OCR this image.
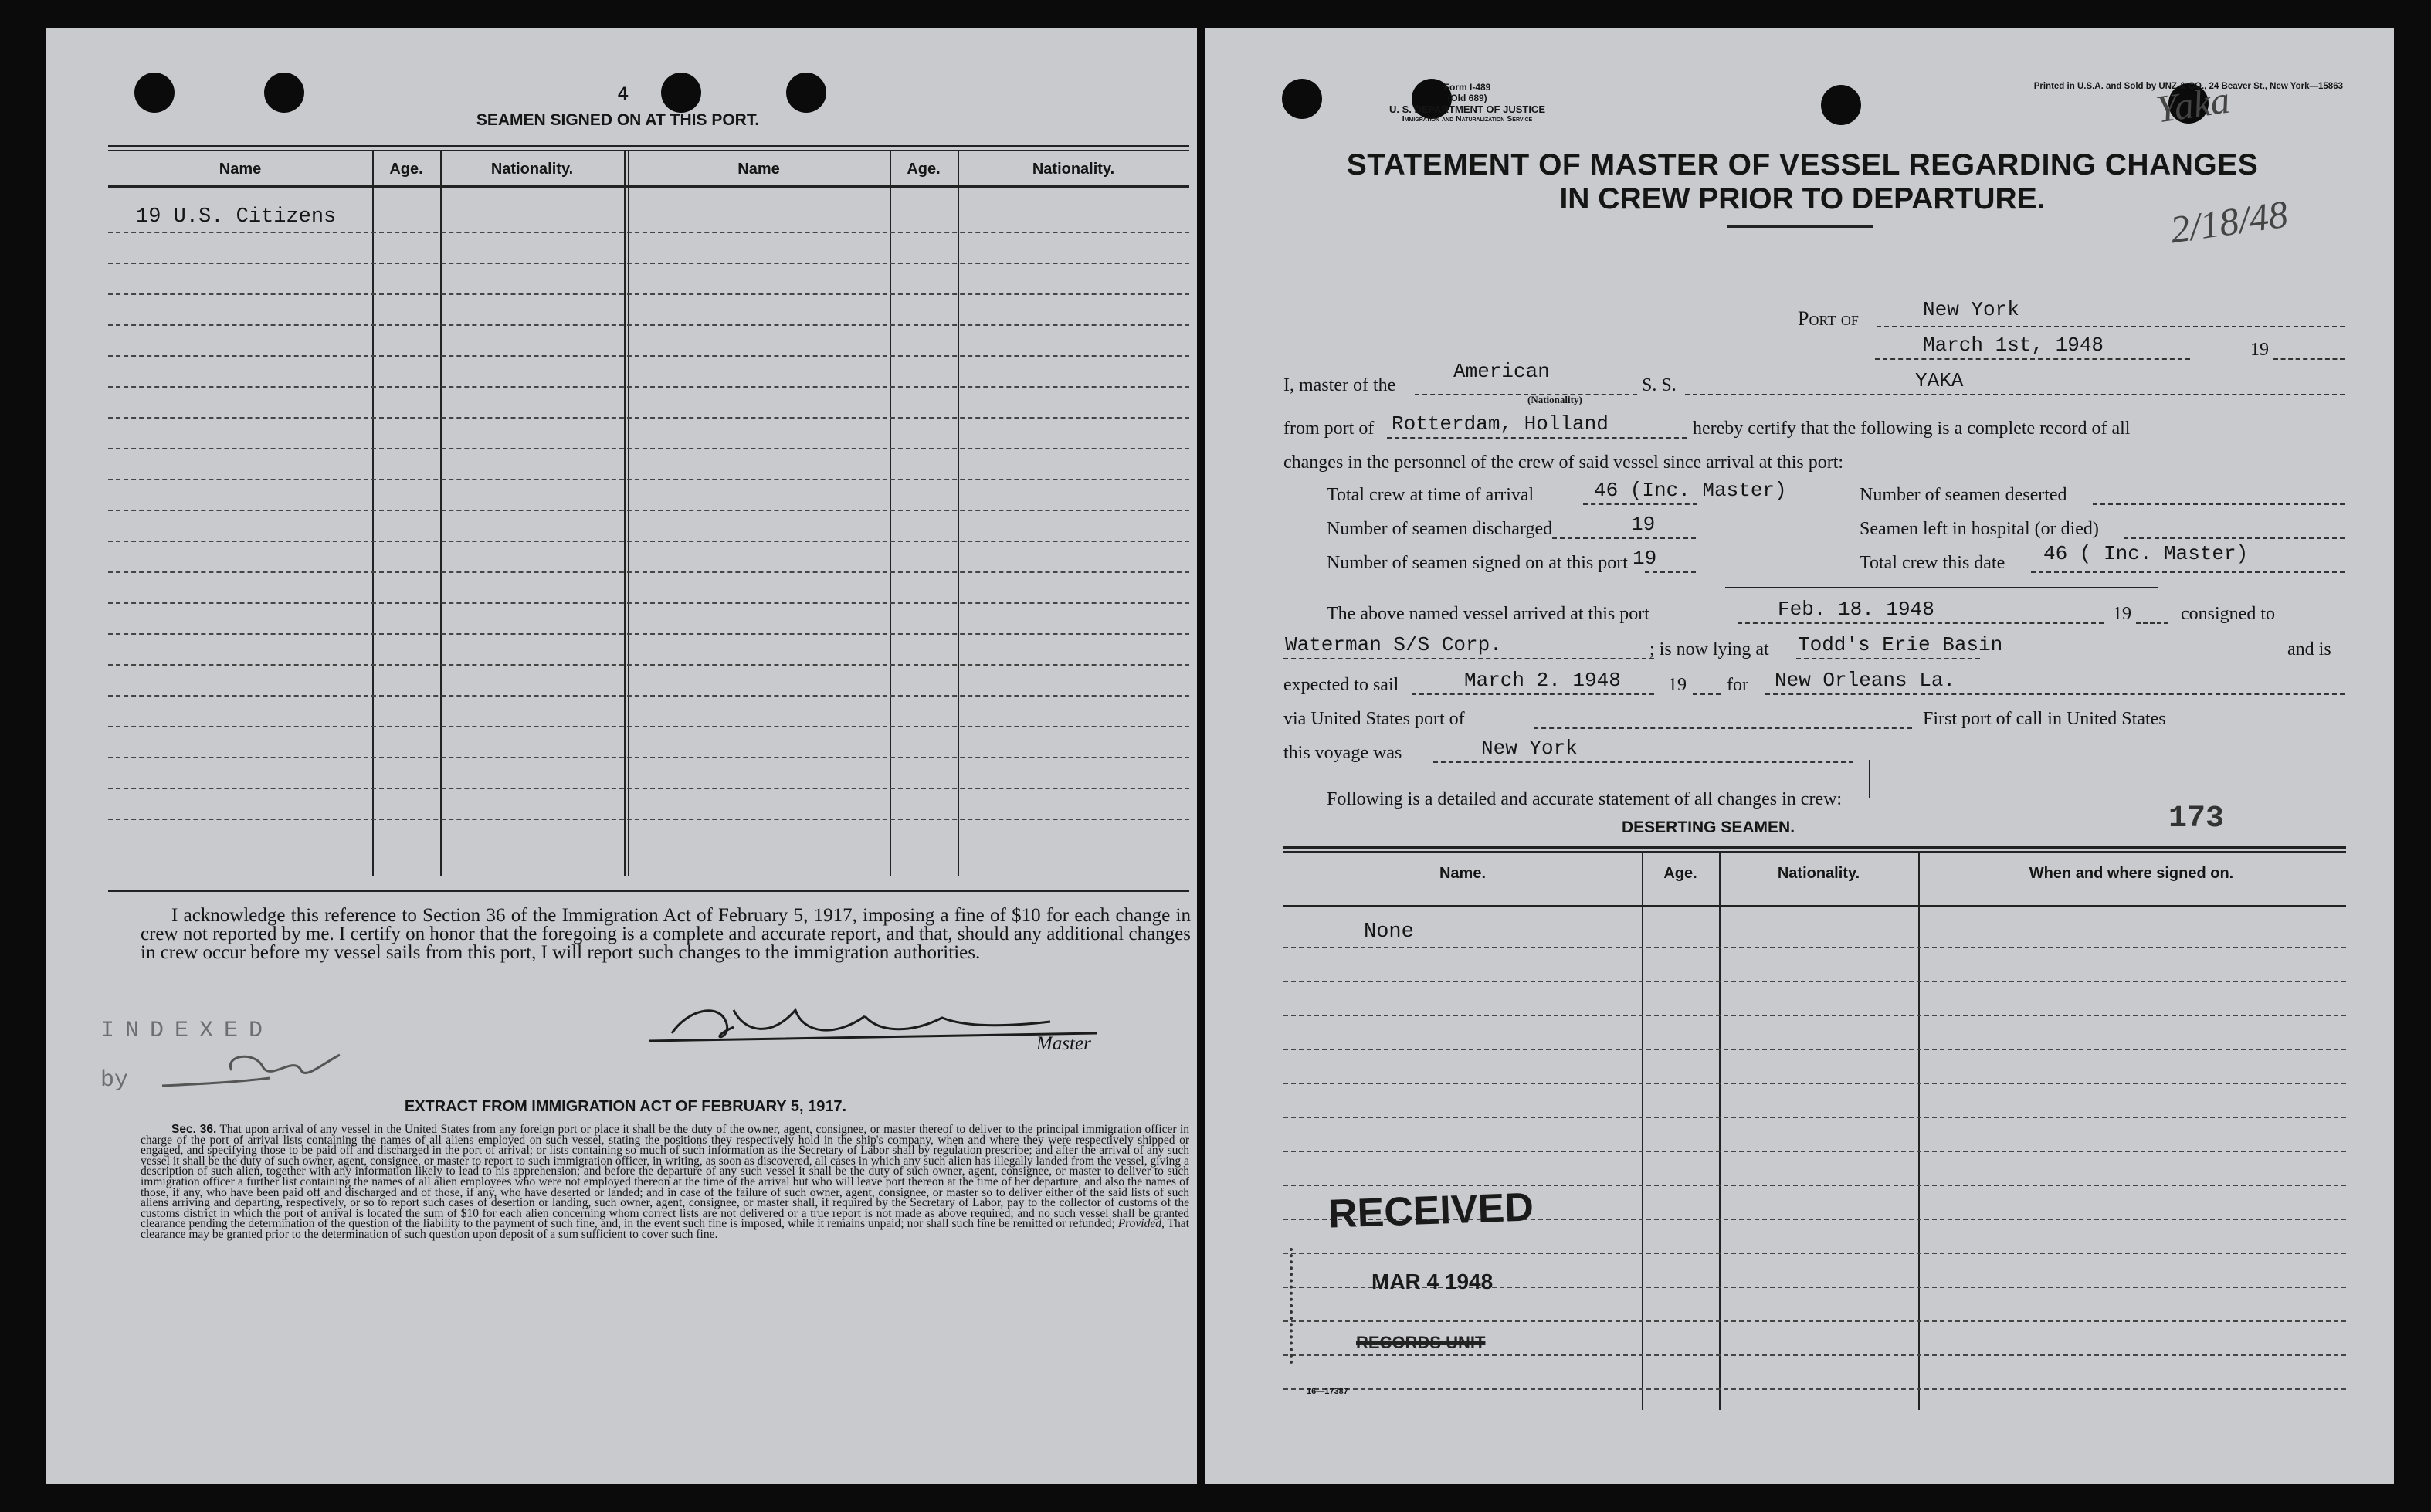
4
SEAMEN SIGNED ON AT THIS PORT.
Name	Age.	Nationality.	Name	Age.	Nationality.
19 U.S. Citizens
I acknowledge this reference to Section 36 of the Immigration Act of February 5, 1917, imposing a fine of $10 for each change in crew not reported by me. I certify on honor that the foregoing is a complete and accurate report, and that, should any additional changes in crew occur before my vessel sails from this port, I will report such changes to the immigration authorities.
Master
INDEXED
by
EXTRACT FROM IMMIGRATION ACT OF FEBRUARY 5, 1917.
Sec. 36. That upon arrival of any vessel in the United States from any foreign port or place it shall be the duty of the owner, agent, consignee, or master thereof to deliver to the principal immigration officer in charge of the port of arrival lists containing the names of all aliens employed on such vessel, stating the positions they respectively hold in the ship's company, when and where they were respectively shipped or engaged, and specifying those to be paid off and discharged in the port of arrival; or lists containing so much of such information as the Secretary of Labor shall by regulation prescribe; and after the arrival of any such vessel it shall be the duty of such owner, agent, consignee, or master to report to such immigration officer, in writing, as soon as discovered, all cases in which any such alien has illegally landed from the vessel, giving a description of such alien, together with any information likely to lead to his apprehension; and before the departure of any such vessel it shall be the duty of such owner, agent, consignee, or master to deliver to such immigration officer a further list containing the names of all alien employees who were not employed thereon at the time of the arrival but who will leave port thereon at the time of her departure, and also the names of those, if any, who have been paid off and discharged and of those, if any, who have deserted or landed; and in case of the failure of such owner, agent, consignee, or master so to deliver either of the said lists of such aliens arriving and departing, respectively, or so to report such cases of desertion or landing, such owner, agent, consignee, or master shall, if required by the Secretary of Labor, pay to the collector of customs of the customs district in which the port of arrival is located the sum of $10 for each alien concerning whom correct lists are not delivered or a true report is not made as above required; and no such vessel shall be granted clearance pending the determination of the question of the liability to the payment of such fine, and, in the event such fine is imposed, while it remains unpaid; nor shall such fine be remitted or refunded; Provided, That clearance may be granted prior to the determination of such question upon deposit of a sum sufficient to cover such fine.
Form I-489
(Old 689)
U. S. DEPARTMENT OF JUSTICE
Immigration and Naturalization Service
Printed in U.S.A. and Sold by UNZ & CO., 24 Beaver St., New York—15863
STATEMENT OF MASTER OF VESSEL REGARDING CHANGES
IN CREW PRIOR TO DEPARTURE.
Yaka
2/18/48
Port of	New York
March 1st, 1948	19
I, master of the
American
(Nationality)
S. S.	YAKA
from port of Rotterdam, Holland	hereby certify that the following is a complete record of all
changes in the personnel of the crew of said vessel since arrival at this port:
Total crew at time of arrival	46 (Inc. Master)	Number of seamen deserted
Number of seamen discharged	19	Seamen left in hospital (or died)
Number of seamen signed on at this port 19	Total crew this date 46 ( Inc. Master)
The above named vessel arrived at this port	Feb. 18. 1948	19	consigned to
Waterman S/S Corp.	; is now lying at Todd's Erie Basin	and is
expected to sail	March 2. 1948	19 for New Orleans La.
via United States port of	First port of call in United States
this voyage was	New York
Following is a detailed and accurate statement of all changes in crew:
173
DESERTING SEAMEN.
Name.	Age.	Nationality.	When and where signed on.
None
RECEIVED
MAR 4 1948
RECORDS UNIT
16—17387
